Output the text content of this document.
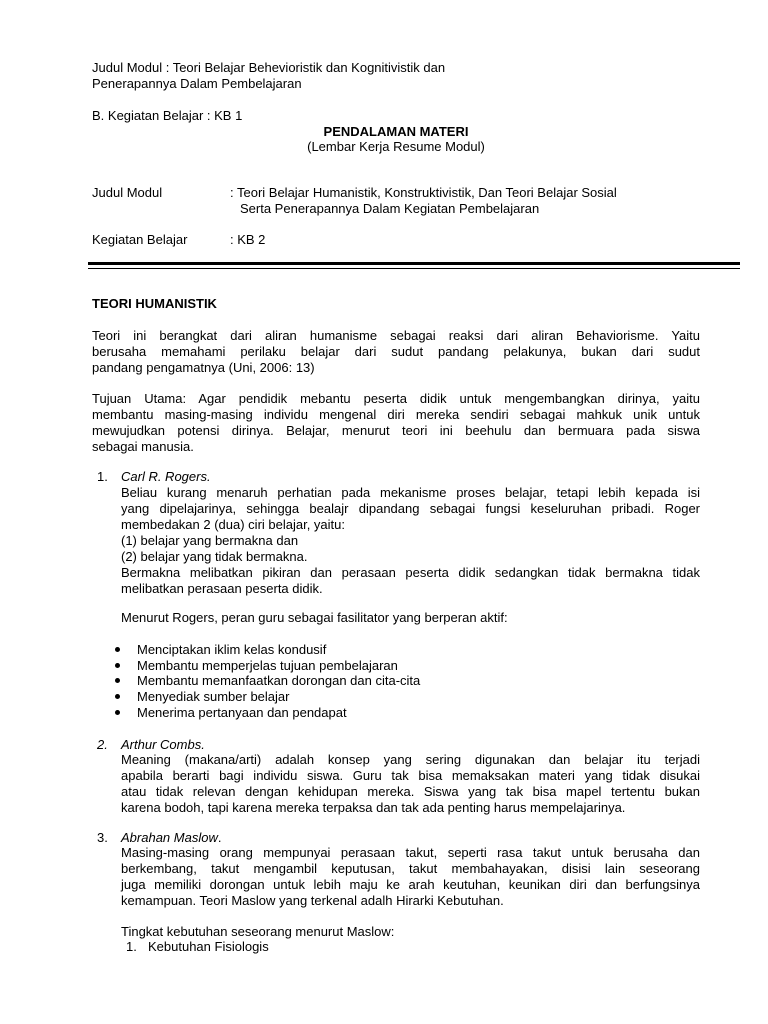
Judul Modul : Teori Belajar Behevioristik dan Kognitivistik dan
Penerapannya Dalam Pembelajaran
B. Kegiatan Belajar : KB 1
PENDALAMAN MATERI
(Lembar Kerja Resume Modul)
Judul Modul	: Teori Belajar Humanistik, Konstruktivistik, Dan Teori Belajar Sosial
Serta Penerapannya Dalam Kegiatan Pembelajaran
Kegiatan Belajar	: KB 2
TEORI HUMANISTIK
Teori ini berangkat dari aliran humanisme sebagai reaksi dari aliran Behaviorisme. Yaitu
berusaha memahami perilaku belajar dari sudut pandang pelakunya, bukan dari sudut
pandang pengamatnya (Uni, 2006: 13)
Tujuan Utama: Agar pendidik mebantu peserta didik untuk mengembangkan dirinya, yaitu
membantu masing-masing individu mengenal diri mereka sendiri sebagai mahkuk unik untuk
mewujudkan potensi dirinya. Belajar, menurut teori ini beehulu dan bermuara pada siswa
sebagai manusia.
1. Carl R. Rogers.
Beliau kurang menaruh perhatian pada mekanisme proses belajar, tetapi lebih kepada isi
yang dipelajarinya, sehingga bealajr dipandang sebagai fungsi keseluruhan pribadi. Roger
membedakan 2 (dua) ciri belajar, yaitu:
(1) belajar yang bermakna dan
(2) belajar yang tidak bermakna.
Bermakna melibatkan pikiran dan perasaan peserta didik sedangkan tidak bermakna tidak
melibatkan perasaan peserta didik.
Menurut Rogers, peran guru sebagai fasilitator yang berperan aktif:
Menciptakan iklim kelas kondusif
Membantu memperjelas tujuan pembelajaran
Membantu memanfaatkan dorongan dan cita-cita
Menyediak sumber belajar
Menerima pertanyaan dan pendapat
2. Arthur Combs.
Meaning (makana/arti) adalah konsep yang sering digunakan dan belajar itu terjadi
apabila berarti bagi individu siswa. Guru tak bisa memaksakan materi yang tidak disukai
atau tidak relevan dengan kehidupan mereka. Siswa yang tak bisa mapel tertentu bukan
karena bodoh, tapi karena mereka terpaksa dan tak ada penting harus mempelajarinya.
3. Abrahan Maslow.
Masing-masing orang mempunyai perasaan takut, seperti rasa takut untuk berusaha dan
berkembang, takut mengambil keputusan, takut membahayakan, disisi lain seseorang
juga memiliki dorongan untuk lebih maju ke arah keutuhan, keunikan diri dan berfungsinya
kemampuan. Teori Maslow yang terkenal adalh Hirarki Kebutuhan.
Tingkat kebutuhan seseorang menurut Maslow:
1. Kebutuhan Fisiologis
